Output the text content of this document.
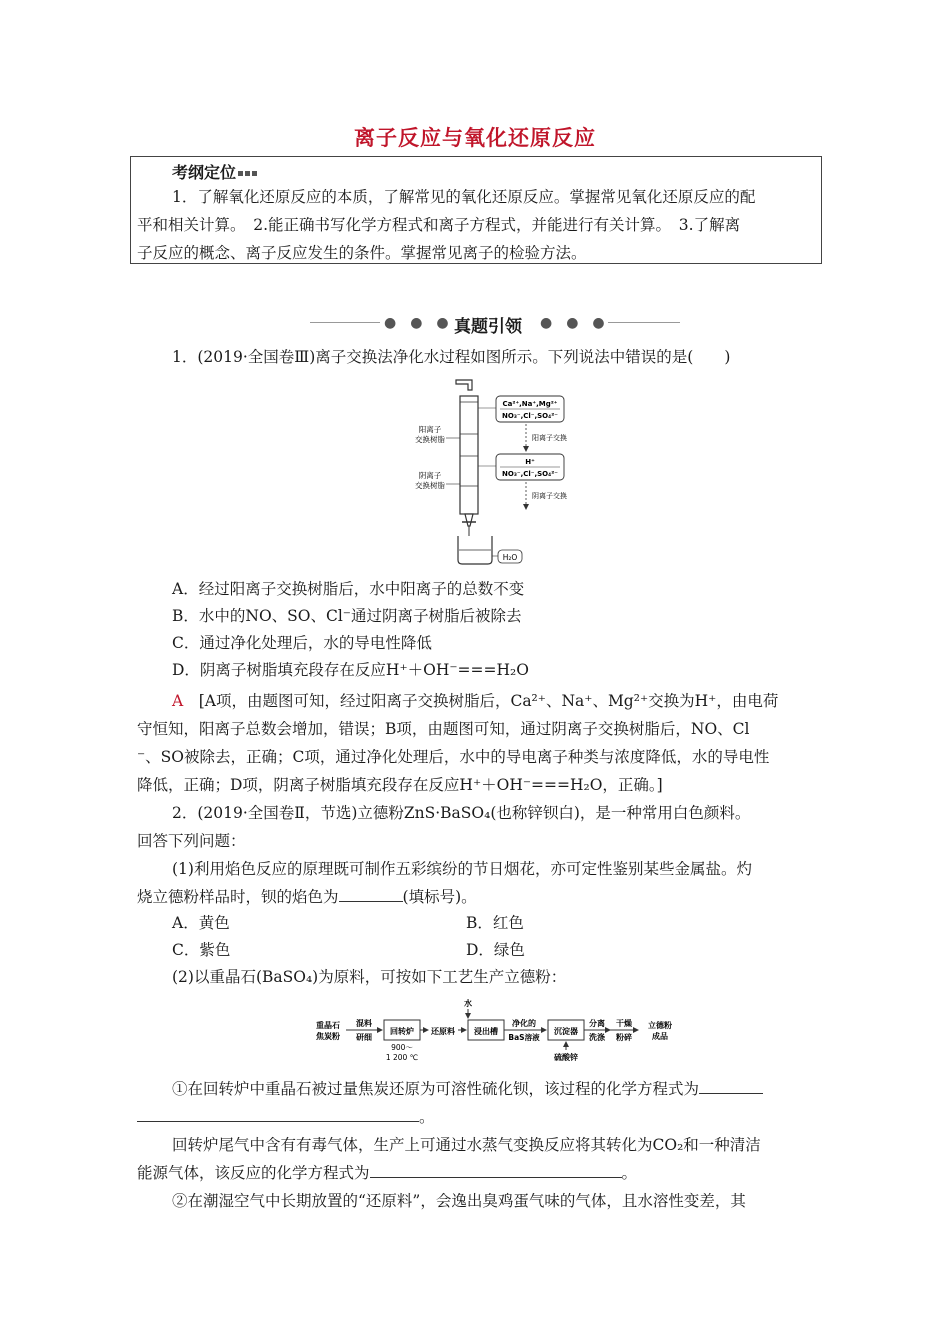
离子反应与氧化还原反应
考纲定位
1．了解氧化还原反应的本质，了解常见的氧化还原反应。掌握常见氧化还原反应的配
平和相关计算。　2.能正确书写化学方程式和离子方程式，并能进行有关计算。　3.了解离
子反应的概念、离子反应发生的条件。掌握常见离子的检验方法。
●　●　● 真题引领 ●　●　●
1．(2019·全国卷Ⅲ)离子交换法净化水过程如图所示。下列说法中错误的是(　　)
阳离子
交换树脂
阴离子
交换树脂
Ca²⁺,Na⁺,Mg²⁺
NO₃⁻,Cl⁻,SO₄²⁻
阳离子交换
H⁺
NO₃⁻,Cl⁻,SO₄²⁻
阴离子交换
H₂O
A．经过阳离子交换树脂后，水中阳离子的总数不变
B．水中的NO、SO、Cl⁻通过阴离子树脂后被除去
C．通过净化处理后，水的导电性降低
D．阴离子树脂填充段存在反应H⁺＋OH⁻===H₂O
A　 [A项，由题图可知，经过阳离子交换树脂后，Ca²⁺、Na⁺、Mg²⁺交换为H⁺，由电荷
守恒知，阳离子总数会增加，错误；B项，由题图可知，通过阴离子交换树脂后，NO、Cl
⁻、SO被除去，正确；C项，通过净化处理后，水中的导电离子种类与浓度降低，水的导电性
降低，正确；D项，阴离子树脂填充段存在反应H⁺＋OH⁻===H₂O，正确。]
2．(2019·全国卷Ⅱ，节选)立德粉ZnS·BaSO₄(也称锌钡白)，是一种常用白色颜料。
回答下列问题：
(1)利用焰色反应的原理既可制作五彩缤纷的节日烟花，亦可定性鉴别某些金属盐。灼
烧立德粉样品时，钡的焰色为	(填标号)。
A．黄色	B．红色
C．紫色	D．绿色
(2)以重晶石(BaSO₄)为原料，可按如下工艺生产立德粉：
重晶石
焦炭粉
混料
研细
回转炉
900～
1 200 ℃
还原料
水
浸出槽
净化的
BaS溶液
沉淀器
硫酸锌
分离
洗涤
干燥
粉碎
立德粉
成品
①在回转炉中重晶石被过量焦炭还原为可溶性硫化钡，该过程的化学方程式为
。
回转炉尾气中含有有毒气体，生产上可通过水蒸气变换反应将其转化为CO₂和一种清洁
能源气体，该反应的化学方程式为	。
②在潮湿空气中长期放置的“还原料”，会逸出臭鸡蛋气味的气体，且水溶性变差，其
